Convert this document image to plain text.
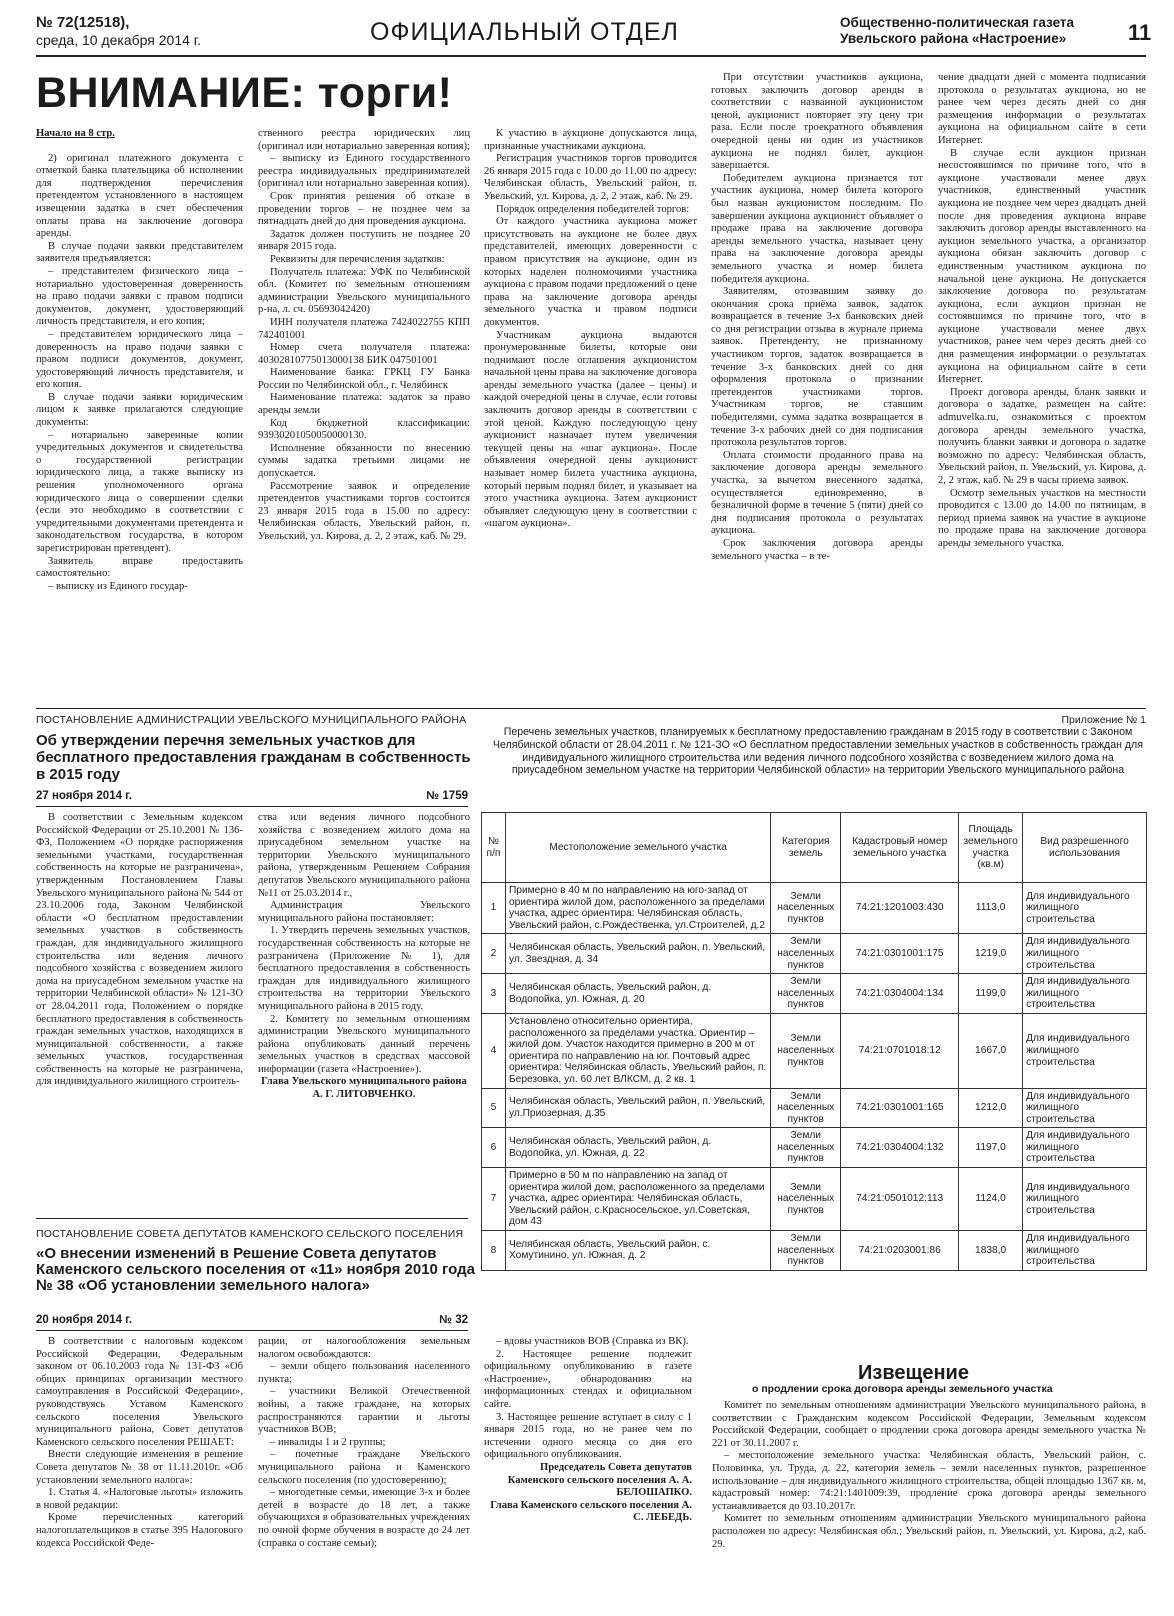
№ 72(12518),
среда, 10 декабря 2014 г.	ОФИЦИАЛЬНЫЙ ОТДЕЛ	Общественно-политическая газета
Увельского района «Настроение»	11
ВНИМАНИЕ: торги!

Начало на 8 стр.

2) оригинал платежного документа с отметкой банка плательщика об исполнении для подтверждения перечисления претендентом установленного в настоящем извещении задатка в счет обеспечения оплаты права на заключение договора аренды.

В случае подачи заявки представителем заявителя предъявляется:

– представителем физического лица – нотариально удостоверенная доверенность на право подачи заявки с правом подписи документов, документ, удостоверяющий личность представителя, и его копия;

– представителем юридического лица – доверенность на право подачи заявки с правом подписи документов, документ, удостоверяющий личность представителя, и его копия.

В случае подачи заявки юридическим лицом к заявке прилагаются следующие документы:

– нотариально заверенные копии учредительных документов и свидетельства о государственной регистрации юридического лица, а также выписку из решения уполномоченного органа юридического лица о совершении сделки (если это необходимо в соответствии с учредительными документами претендента и законодательством государства, в котором зарегистрирован претендент).

Заявитель вправе предоставить самостоятельно:

– выписку из Единого государ-

ственного реестра юридических лиц (оригинал или нотариально заверенная копия);

– выписку из Единого государственного реестра индивидуальных предпринимателей (оригинал или нотариально заверенная копия).

Срок принятия решения об отказе в проведении торгов – не позднее чем за пятнадцать дней до дня проведения аукциона.

Задаток должен поступить не позднее 20 января 2015 года.

Реквизиты для перечисления задатков:

Получатель платежа: УФК по Челябинской обл. (Комитет по земельным отношениям администрации Увельского муниципального р-на, л. сч. 05693042420)

ИНН получателя платежа 7424022755 КПП 742401001

Номер счета получателя платежа: 40302810775013000138 БИК 047501001

Наименование банка: ГРКЦ ГУ Банка России по Челябинской обл., г. Челябинск

Наименование платежа: задаток за право аренды земли

Код бюджетной классификации: 93930201050050000130.

Исполнение обязанности по внесению суммы задатка третьими лицами не допускается.

Рассмотрение заявок и определение претендентов участниками торгов состоится 23 января 2015 года в 15.00 по адресу: Челябинская область, Увельский район, п. Увельский, ул. Кирова, д. 2, 2 этаж, каб. № 29.

К участию в аукционе допускаются лица, признанные участниками аукциона.

Регистрация участников торгов проводится 26 января 2015 года с 10.00 до 11.00 по адресу: Челябинская область, Увельский район, п. Увельский, ул. Кирова, д. 2, 2 этаж, каб. № 29.

Порядок определения победителей торгов:

От каждого участника аукциона может присутствовать на аукционе не более двух представителей, имеющих доверенности с правом присутствия на аукционе, один из которых наделен полномочиями участника аукциона с правом подачи предложений о цене права на заключение договора аренды земельного участка и правом подписи документов.

Участникам аукциона выдаются пронумерованные билеты, которые они поднимают после оглашения аукционистом начальной цены права на заключение договора аренды земельного участка (далее – цены) и каждой очередной цены в случае, если готовы заключить договор аренды в соответствии с этой ценой. Каждую последующую цену аукционист назначает путем увеличения текущей цены на «шаг аукциона». После объявления очередной цены аукционист называет номер билета участника аукциона, который первым поднял билет, и указывает на этого участника аукциона. Затем аукционист объявляет следующую цену в соответствии с «шагом аукциона».

При отсутствии участников аукциона, готовых заключить договор аренды в соответствии с названной аукционистом ценой, аукционист повторяет эту цену три раза. Если после троекратного объявления очередной цены ни один из участников аукциона не поднял билет, аукцион завершается.

Победителем аукциона признается тот участник аукциона, номер билета которого был назван аукционистом последним. По завершении аукциона аукционист объявляет о продаже права на заключение договора аренды земельного участка, называет цену права на заключение договора аренды земельного участка и номер билета победителя аукциона.

Заявителям, отозвавшим заявку до окончания срока приёма заявок, задаток возвращается в течение 3-х банковских дней со дня регистрации отзыва в журнале приема заявок. Претенденту, не признанному участником торгов, задаток возвращается в течение 3-х банковских дней со дня оформления протокола о признании претендентов участниками торгов. Участникам торгов, не ставшим победителями, сумма задатка возвращается в течение 3-х рабочих дней со дня подписания протокола результатов торгов.

Оплата стоимости проданного права на заключение договора аренды земельного участка, за вычетом внесенного задатка, осуществляется единовременно, в безналичной форме в течение 5 (пяти) дней со дня подписания протокола о результатах аукциона.

Срок заключения договора аренды земельного участка – в те-

чение двадцати дней с момента подписания протокола о результатах аукциона, но не ранее чем через десять дней со дня размещения информации о результатах аукциона на официальном сайте в сети Интернет.

В случае если аукцион признан несостоявшимся по причине того, что в аукционе участвовали менее двух участников, единственный участник аукциона не позднее чем через двадцать дней после дня проведения аукциона вправе заключить договор аренды выставленного на аукцион земельного участка, а организатор аукциона обязан заключить договор с единственным участником аукциона по начальной цене аукциона. Не допускается заключение договора по результатам аукциона, если аукцион признан не состоявшимся по причине того, что в аукционе участвовали менее двух участников, ранее чем через десять дней со дня размещения информации о результатах аукциона на официальном сайте в сети Интернет.

Проект договора аренды, бланк заявки и договора о задатке, размещен на сайте: admuvelka.ru, ознакомиться с проектом договора аренды земельного участка, получить бланки заявки и договора о задатке возможно по адресу: Челябинская область, Увельский район, п. Увельский, ул. Кирова, д. 2, 2 этаж, каб. № 29 в часы приема заявок.

Осмотр земельных участков на местности проводится с 13.00 до 14.00 по пятницам, в период приема заявок на участие в аукционе по продаже права на заключение договора аренды земельного участка.

ПОСТАНОВЛЕНИЕ АДМИНИСТРАЦИИ УВЕЛЬСКОГО МУНИЦИПАЛЬНОГО РАЙОНА
Об утверждении перечня земельных участков для бесплатного предоставления гражданам в собственность в 2015 году
27 ноября 2014 г.	№ 1759

В соответствии с Земельным кодексом Российской Федерации от 25.10.2001 № 136-ФЗ, Положением «О порядке распоряжения земельными участками, государственная собственность на которые не разграничена», утвержденным Постановлением Главы Увельского муниципального района № 544 от 23.10.2006 года, Законом Челябинской области «О бесплатном предоставлении земельных участков в собственность граждан, для индивидуального жилищного строительства или ведения личного подсобного хозяйства с возведением жилого дома на приусадебном земельном участке на территории Челябинской области» № 121-ЗО от 28.04.2011 года, Положением о порядке бесплатного предоставления в собственность граждан земельных участков, находящихся в муниципальной собственности, а также земельных участков, государственная собственность на которые не разграничена, для индивидуального жилищного строитель-

ства или ведения личного подсобного хозяйства с возведением жилого дома на приусадебном земельном участке на территории Увельского муниципального района, утвержденным Решением Собрания депутатов Увельского муниципального района №11 от 25.03.2014 г.,

Администрация Увельского муниципального района постановляет:

1. Утвердить перечень земельных участков, государственная собственность на которые не разграничена (Приложение № 1), для бесплатного предоставления в собственность граждан для индивидуального жилищного строительства на территории Увельского муниципального района в 2015 году.

2. Комитету по земельным отношениям администрации Увельского муниципального района опубликовать данный перечень земельных участков в средствах массовой информации (газета «Настроение»).

Глава Увельского муниципального района А. Г. ЛИТОВЧЕНКО.

Приложение № 1
Перечень земельных участков, планируемых к бесплатному предоставлению гражданам в 2015 году в соответствии с Законом Челябинской области от 28.04.2011 г. № 121-ЗО «О бесплатном предоставлении земельных участков в собственность граждан для индивидуального жилищного строительства или ведения личного подсобного хозяйства с возведением жилого дома на приусадебном земельном участке на территории Челябинской области» на территории Увельского муниципального района
№ п/п	Местоположение земельного участка	Категория земель	Кадастровый номер земельного участка	Площадь земельного участка (кв.м)	Вид разрешенного использования
1	Примерно в 40 м по направлению на юго-запад от ориентира жилой дом, расположенного за пределами участка, адрес ориентира: Челябинская область, Увельский район, с.Рождественка, ул.Строителей, д.2	Земли населенных пунктов	74:21:1201003:430	1113,0	Для индивидуального жилищного строительства
2	Челябинская область, Увельский район, п. Увельский, ул. Звездная, д. 34	Земли населенных пунктов	74:21:0301001:175	1219,0	Для индивидуального жилищного строительства
3	Челябинская область, Увельский район, д. Водопойка, ул. Южная, д. 20	Земли населенных пунктов	74:21:0304004:134	1199,0	Для индивидуального жилищного строительства
4	Установлено относительно ориентира, расположенного за пределами участка. Ориентир – жилой дом. Участок находится примерно в 200 м от ориентира по направлению на юг. Почтовый адрес ориентира: Челябинская область, Увельский район, п. Березовка, ул. 60 лет ВЛКСМ, д. 2 кв. 1	Земли населенных пунктов	74:21:0701018:12	1667,0	Для индивидуального жилищного строительства
5	Челябинская область, Увельский район, п. Увельский, ул.Приозерная, д.35	Земли населенных пунктов	74:21:0301001:165	1212,0	Для индивидуального жилищного строительства
6	Челябинская область, Увельский район, д. Водопойка, ул. Южная, д. 22	Земли населенных пунктов	74:21:0304004:132	1197,0	Для индивидуального жилищного строительства
7	Примерно в 50 м по направлению на запад от ориентира жилой дом, расположенного за пределами участка, адрес ориентира: Челябинская область, Увельский район, с.Красносельское, ул.Советская, дом 43	Земли населенных пунктов	74:21:0501012:113	1124,0	Для индивидуального жилищного строительства
8	Челябинская область, Увельский район, с. Хомутинино, ул. Южная, д. 2	Земли населенных пунктов	74:21:0203001:86	1838,0	Для индивидуального жилищного строительства
ПОСТАНОВЛЕНИЕ СОВЕТА ДЕПУТАТОВ КАМЕНСКОГО СЕЛЬСКОГО ПОСЕЛЕНИЯ
«О внесении изменений в Решение Совета депутатов Каменского сельского поселения от «11» ноября 2010 года № 38 «Об установлении земельного налога»
20 ноября 2014 г.	№ 32

В соответствии с налоговым кодексом Российской Федерации, Федеральным законом от 06.10.2003 года № 131-ФЗ «Об общих принципах организации местного самоуправления в Российской Федерации», руководствуясь Уставом Каменского сельского поселения Увельского муниципального района, Совет депутатов Каменского сельского поселения РЕШАЕТ:

Внести следующие изменения в решение Совета депутатов № 38 от 11.11.2010г. «Об установлении земельного налога»:

1. Статья 4. «Налоговые льготы» изложить в новой редакции:

Кроме перечисленных категорий налогоплательщиков в статье 395 Налогового кодекса Российской Феде-

рации, от налогообложения земельным налогом освобождаются:

– земли общего пользования населенного пункта;

– участники Великой Отечественной войны, а также граждане, на которых распространяются гарантии и льготы участников ВОВ;

– инвалиды 1 и 2 группы;

– почетные граждане Увельского муниципального района и Каменского сельского поселения (по удостоверению);

– многодетные семьи, имеющие 3-х и более детей в возрасте до 18 лет, а также обучающихся в образовательных учреждениях по очной форме обучения в возрасте до 24 лет (справка о составе семьи);

– вдовы участников ВОВ (Справка из ВК).

2. Настоящее решение подлежит официальному опубликованию в газете «Настроение», обнародованию на информационных стендах и официальном сайте.

3. Настоящее решение вступает в силу с 1 января 2015 года, но не ранее чем по истечении одного месяца со дня его официального опубликования.

Председатель Совета депутатов Каменского сельского поселения А. А. БЕЛОШАПКО.

Глава Каменского сельского поселения А. С. ЛЕБЕДЬ.

Извещение
о продлении срока договора аренды земельного участка

Комитет по земельным отношениям администрации Увельского муниципального района, в соответствии с Гражданским кодексом Российской Федерации, Земельным кодексом Российской Федерации, сообщает о продлении срока договора аренды земельного участка № 221 от 30.11.2007 г.

– местоположение земельного участка: Челябинская область, Увельский район, с. Половинка, ул. Труда, д. 22, категория земель – земли населенных пунктов, разрешенное использование – для индивидуального жилищного строительства, общей площадью 1367 кв. м, кадастровый номер: 74:21:1401009:39, продление срока договора аренды земельного устанавливается до 03.10.2017г.

Комитет по земельным отношениям администрации Увельского муниципального района расположен по адресу: Челябинская обл.; Увельский район, п. Увельский, ул. Кирова, д.2, каб. 29.
